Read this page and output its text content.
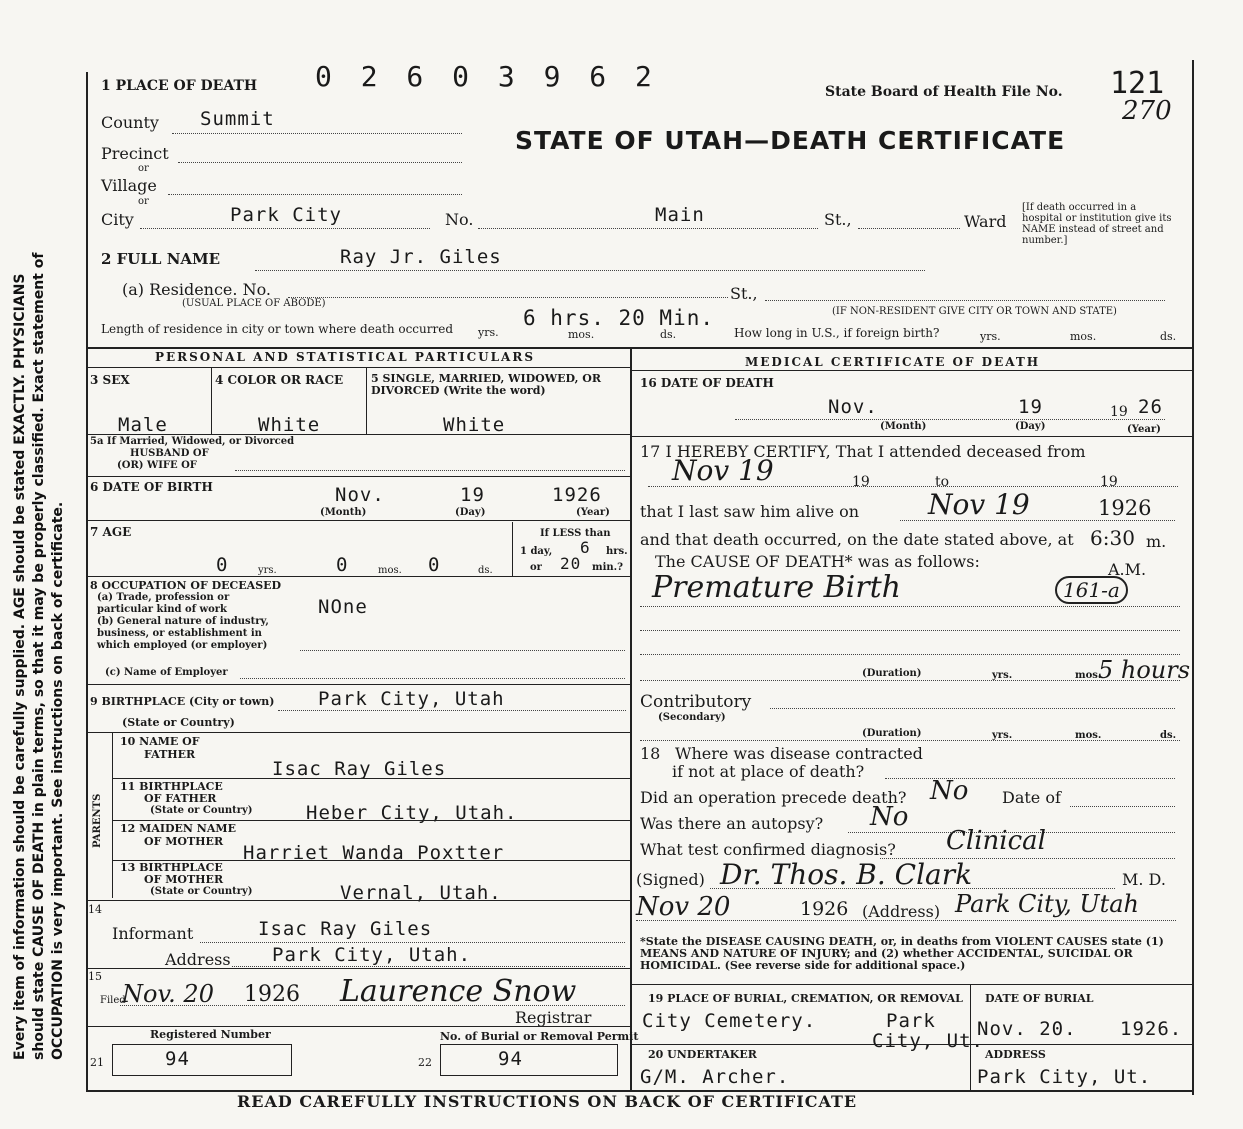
Every item of information should be carefully supplied. AGE should be stated EXACTLY. PHYSICIANS should state CAUSE OF DEATH in plain terms, so that it may be properly classified. Exact statement of OCCUPATION is very important. See instructions on back of certificate.
1 PLACE OF DEATH 0 2 6 0 3 9 6 2	State Board of Health File No. 121
270
STATE OF UTAH—DEATH CERTIFICATE
County Summit
Precinct
or
Village
or
City	Park City	No.	Main	St.,	Ward
[If death occurred in a hospital or institution give its NAME instead of street and number.]
2 FULL NAME	Ray Jr. Giles
(a) Residence. No.
(USUAL PLACE OF ABODE)
St.,
(IF NON-RESIDENT GIVE CITY OR TOWN AND STATE)
Length of residence in city or town where death occurred yrs.
6 hrs. 20 Min.
mos.	ds.	How long in U.S., if foreign birth?	yrs.	mos.	ds.
PERSONAL AND STATISTICAL PARTICULARS	MEDICAL CERTIFICATE OF DEATH
3 SEX
Male
4 COLOR OR RACE
White
5 SINGLE, MARRIED, WIDOWED, OR DIVORCED (Write the word)
White
5a If Married, Widowed, or Divorced
HUSBAND OF
(OR) WIFE OF
6 DATE OF BIRTH	Nov.	19	1926
(Month)	(Day)	(Year)
7 AGE
0	yrs.	0	mos. 0	ds.
If LESS than
1 day, 6 hrs.
or 20 min.?
8 OCCUPATION OF DECEASED
(a) Trade, profession or
particular kind of work	NOne
(b) General nature of industry,
business, or establishment in
which employed (or employer)
(c) Name of Employer
9 BIRTHPLACE (City or town) Park City, Utah
(State or Country)
PARENTS
10 NAME OF
FATHER
Isac Ray Giles
11 BIRTHPLACE
OF FATHER
(State or Country)	Heber City, Utah.
12 MAIDEN NAME
OF MOTHER
Harriet Wanda Poxtter
13 BIRTHPLACE
OF MOTHER
(State or Country)	Vernal, Utah.
14
Informant	Isac Ray Giles
Address Park City, Utah.
15
Filed
Nov. 20 1926 Laurence Snow
Registrar
Registered Number	No. of Burial or Removal Permit
21	94	22	94
16 DATE OF DEATH
Nov.	19	19 26
(Month)	(Day)	(Year)
17 I HEREBY CERTIFY, That I attended deceased from
Nov 19	19	to	19
that I last saw him alive on Nov 19	1926
and that death occurred, on the date stated above, at 6:30 m.
The CAUSE OF DEATH* was as follows:	A.M.
Premature Birth	161-a
(Duration)	yrs.	mos.
5 hours
Contributory
(Secondary)
(Duration)	yrs.	mos.	ds.
18 Where was disease contracted
if not at place of death?
Did an operation precede death? No Date of
Was there an autopsy? No
What test confirmed diagnosis? Clinical
(Signed) Dr. Thos. B. Clark	M. D.
Nov 20	1926 (Address) Park City, Utah
*State the DISEASE CAUSING DEATH, or, in deaths from VIOLENT CAUSES state (1) MEANS AND NATURE OF INJURY; and (2) whether ACCIDENTAL, SUICIDAL OR HOMICIDAL. (See reverse side for additional space.)
19 PLACE OF BURIAL, CREMATION, OR REMOVAL
City Cemetery.	Park
City, Ut.
DATE OF BURIAL
Nov. 20. 1926.
20 UNDERTAKER
G/M. Archer.
ADDRESS
Park City, Ut.
READ CAREFULLY INSTRUCTIONS ON BACK OF CERTIFICATE
